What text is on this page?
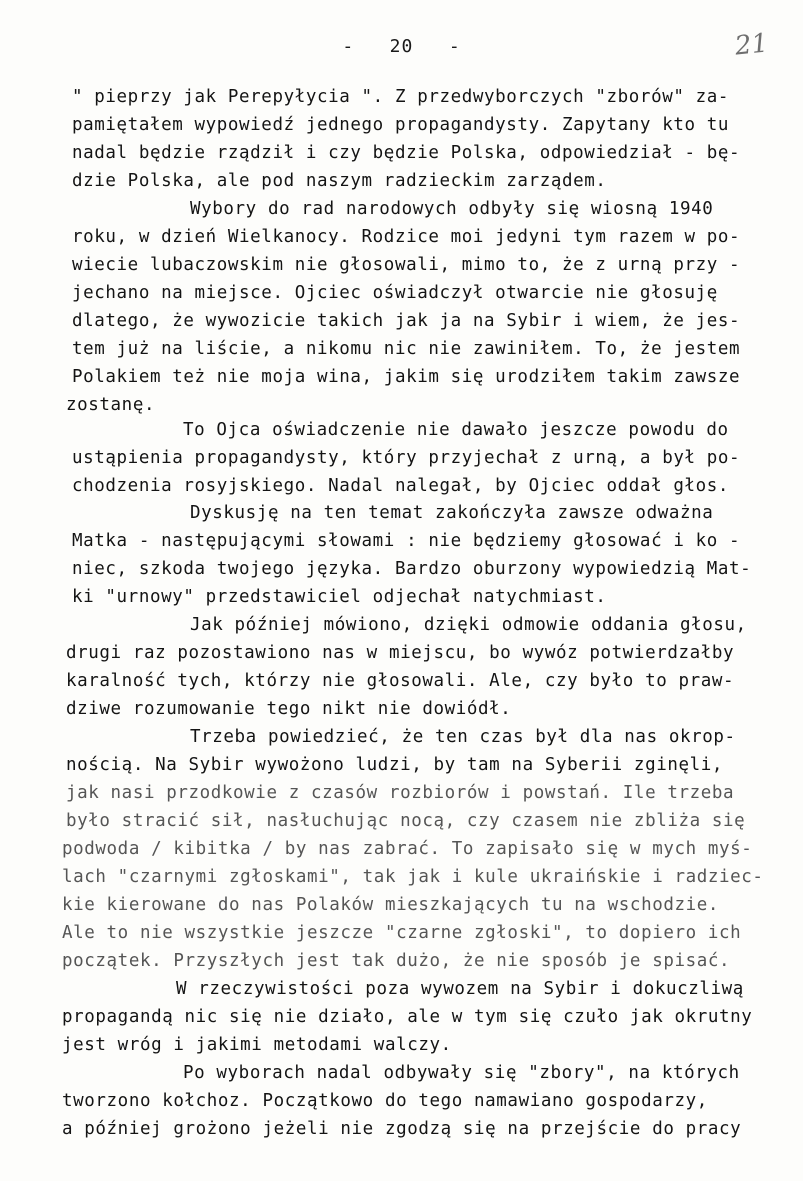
-   20   -	21
" pieprzy jak Perepyłycia ". Z przedwyborczych "zborów" za-
pamiętałem wypowiedź jednego propagandysty. Zapytany kto tu
nadal będzie rządził i czy będzie Polska, odpowiedział - bę-
dzie Polska, ale pod naszym radzieckim zarządem.
Wybory do rad narodowych odbyły się wiosną 1940
roku, w dzień Wielkanocy. Rodzice moi jedyni tym razem w po-
wiecie lubaczowskim nie głosowali, mimo to, że z urną przy -
jechano na miejsce. Ojciec oświadczył otwarcie nie głosuję
dlatego, że wywozicie takich jak ja na Sybir i wiem, że jes-
tem już na liście, a nikomu nic nie zawiniłem. To, że jestem
Polakiem też nie moja wina, jakim się urodziłem takim zawsze
zostanę.
To Ojca oświadczenie nie dawało jeszcze powodu do
ustąpienia propagandysty, który przyjechał z urną, a był po-
chodzenia rosyjskiego. Nadal nalegał, by Ojciec oddał głos.
Dyskusję na ten temat zakończyła zawsze odważna
Matka - następującymi słowami : nie będziemy głosować i ko -
niec, szkoda twojego języka. Bardzo oburzony wypowiedzią Mat-
ki "urnowy" przedstawiciel odjechał natychmiast.
Jak później mówiono, dzięki odmowie oddania głosu,
drugi raz pozostawiono nas w miejscu, bo wywóz potwierdzałby
karalność tych, którzy nie głosowali. Ale, czy było to praw-
dziwe rozumowanie tego nikt nie dowiódł.
Trzeba powiedzieć, że ten czas był dla nas okrop-
nością. Na Sybir wywożono ludzi, by tam na Syberii zginęli,
jak nasi przodkowie z czasów rozbiorów i powstań. Ile trzeba
było stracić sił, nasłuchując nocą, czy czasem nie zbliża się
podwoda / kibitka / by nas zabrać. To zapisało się w mych myś-
lach "czarnymi zgłoskami", tak jak i kule ukraińskie i radziec-
kie kierowane do nas Polaków mieszkających tu na wschodzie.
Ale to nie wszystkie jeszcze "czarne zgłoski", to dopiero ich
początek. Przyszłych jest tak dużo, że nie sposób je spisać.
W rzeczywistości poza wywozem na Sybir i dokuczliwą
propagandą nic się nie działo, ale w tym się czuło jak okrutny
jest wróg i jakimi metodami walczy.
Po wyborach nadal odbywały się "zbory", na których
tworzono kołchoz. Początkowo do tego namawiano gospodarzy,
a później grożono jeżeli nie zgodzą się na przejście do pracy
